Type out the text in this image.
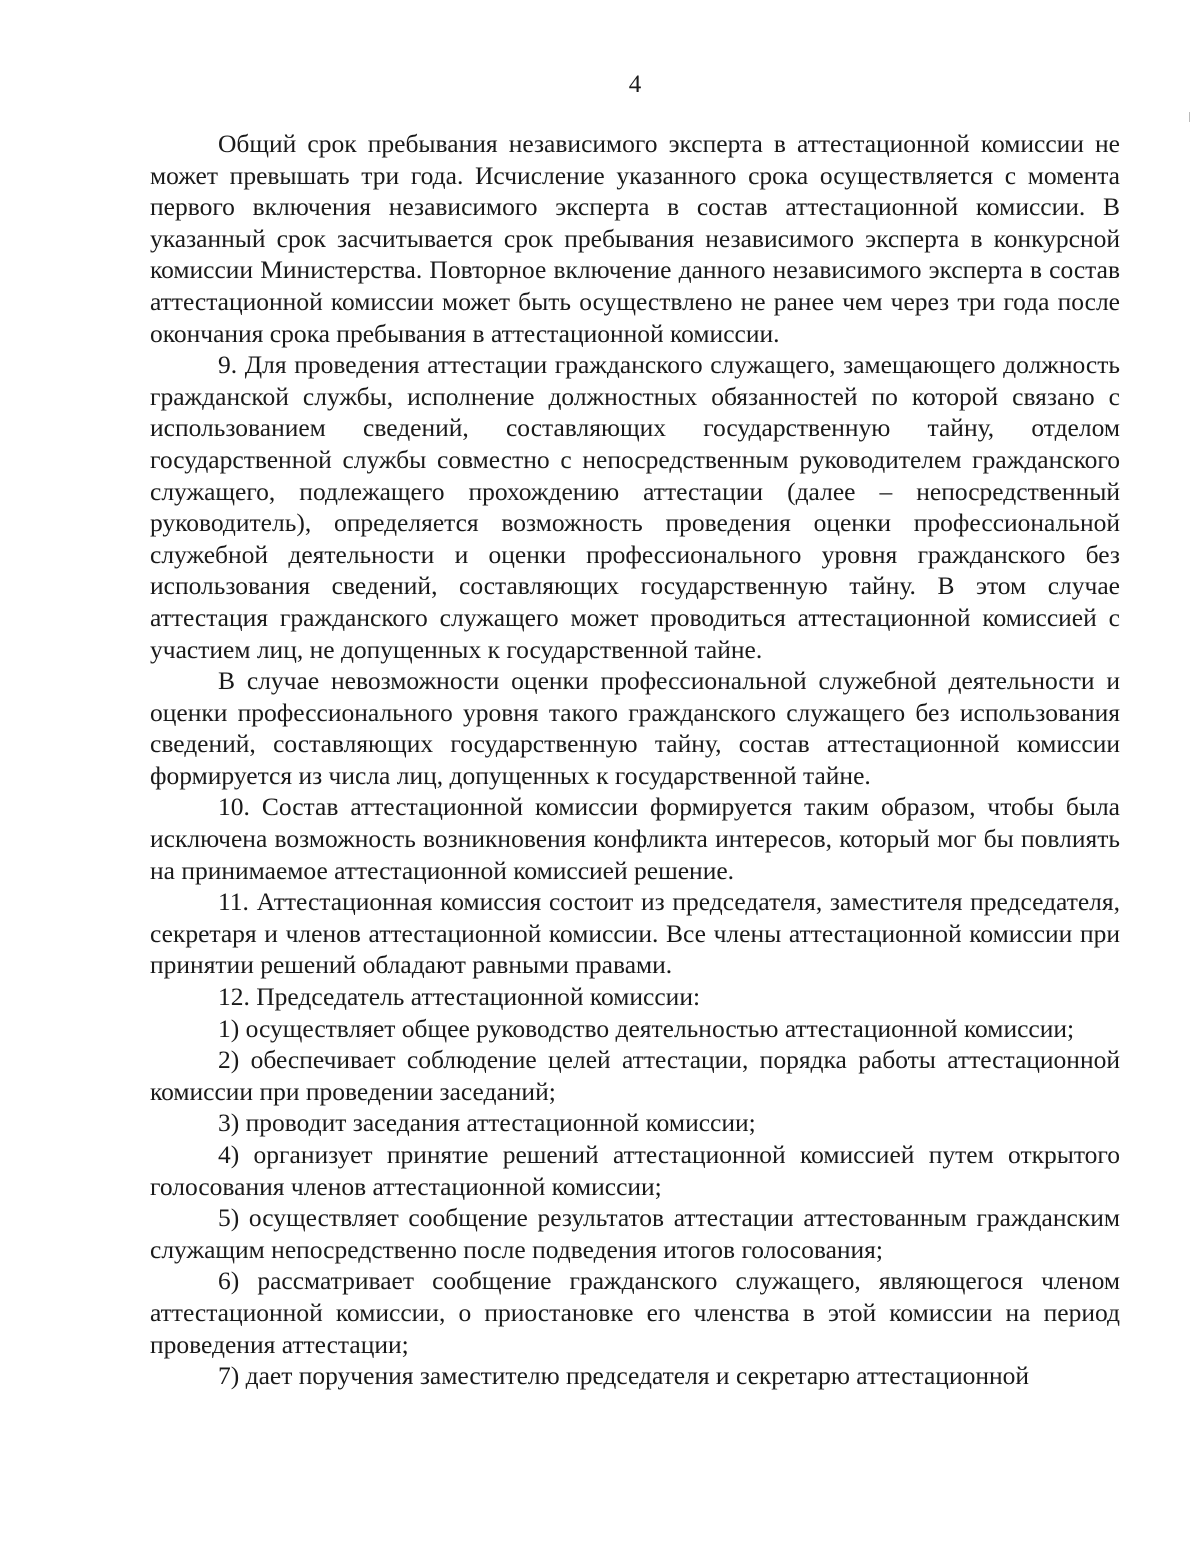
4

Общий срок пребывания независимого эксперта в аттестационной комиссии не может превышать три года. Исчисление указанного срока осуществляется с момента первого включения независимого эксперта в состав аттестационной комиссии. В указанный срок засчитывается срок пребывания независимого эксперта в конкурсной комиссии Министерства. Повторное включение данного независимого эксперта в состав аттестационной комиссии может быть осуществлено не ранее чем через три года после окончания срока пребывания в аттестационной комиссии.

9. Для проведения аттестации гражданского служащего, замещающего должность гражданской службы, исполнение должностных обязанностей по которой связано с использованием сведений, составляющих государственную тайну, отделом государственной службы совместно с непосредственным руководителем гражданского служащего, подлежащего прохождению аттестации (далее – непосредственный руководитель), определяется возможность проведения оценки профессиональной служебной деятельности и оценки профессионального уровня гражданского без использования сведений, составляющих государственную тайну. В этом случае аттестация гражданского служащего может проводиться аттестационной комиссией с участием лиц, не допущенных к государственной тайне.

В случае невозможности оценки профессиональной служебной деятельности и оценки профессионального уровня такого гражданского служащего без использования сведений, составляющих государственную тайну, состав аттестационной комиссии формируется из числа лиц, допущенных к государственной тайне.

10. Состав аттестационной комиссии формируется таким образом, чтобы была исключена возможность возникновения конфликта интересов, который мог бы повлиять на принимаемое аттестационной комиссией решение.

11. Аттестационная комиссия состоит из председателя, заместителя председателя, секретаря и членов аттестационной комиссии. Все члены аттестационной комиссии при принятии решений обладают равными правами.

12. Председатель аттестационной комиссии:

1) осуществляет общее руководство деятельностью аттестационной комиссии;

2) обеспечивает соблюдение целей аттестации, порядка работы аттестационной комиссии при проведении заседаний;

3) проводит заседания аттестационной комиссии;

4) организует принятие решений аттестационной комиссией путем открытого голосования членов аттестационной комиссии;

5) осуществляет сообщение результатов аттестации аттестованным гражданским служащим непосредственно после подведения итогов голосования;

6) рассматривает сообщение гражданского служащего, являющегося членом аттестационной комиссии, о приостановке его членства в этой комиссии на период проведения аттестации;

7) дает поручения заместителю председателя и секретарю аттестационной
